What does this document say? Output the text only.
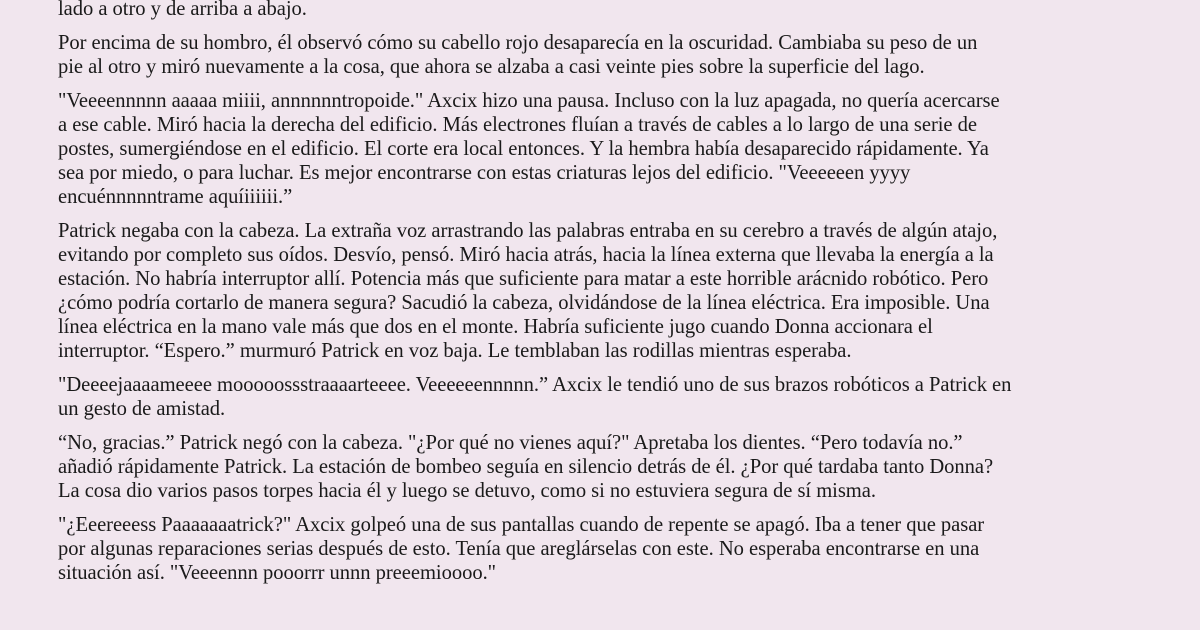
lado a otro y de arriba a abajo.

Por encima de su hombro, él observó cómo su cabello rojo desaparecía en la oscuridad. Cambiaba su peso de un
pie al otro y miró nuevamente a la cosa, que ahora se alzaba a casi veinte pies sobre la superficie del lago.

"Veeeennnnn aaaaa miiii, annnnnntropoide." Axcix hizo una pausa. Incluso con la luz apagada, no quería acercarse
a ese cable. Miró hacia la derecha del edificio. Más electrones fluían a través de cables a lo largo de una serie de
postes, sumergiéndose en el edificio. El corte era local entonces. Y la hembra había desaparecido rápidamente. Ya
sea por miedo, o para luchar. Es mejor encontrarse con estas criaturas lejos del edificio. "Veeeeeen yyyy
encuénnnnntrame aquíiiiiii.”

Patrick negaba con la cabeza. La extraña voz arrastrando las palabras entraba en su cerebro a través de algún atajo,
evitando por completo sus oídos. Desvío, pensó. Miró hacia atrás, hacia la línea externa que llevaba la energía a la
estación. No habría interruptor allí. Potencia más que suficiente para matar a este horrible arácnido robótico. Pero
¿cómo podría cortarlo de manera segura? Sacudió la cabeza, olvidándose de la línea eléctrica. Era imposible. Una
línea eléctrica en la mano vale más que dos en el monte. Habría suficiente jugo cuando Donna accionara el
interruptor. “Espero.” murmuró Patrick en voz baja. Le temblaban las rodillas mientras esperaba.

"Deeeejaaaameeee mooooossstraaaarteeee. Veeeeeennnnn.” Axcix le tendió uno de sus brazos robóticos a Patrick en
un gesto de amistad.

“No, gracias.” Patrick negó con la cabeza. "¿Por qué no vienes aquí?" Apretaba los dientes. “Pero todavía no.”
añadió rápidamente Patrick. La estación de bombeo seguía en silencio detrás de él. ¿Por qué tardaba tanto Donna?
La cosa dio varios pasos torpes hacia él y luego se detuvo, como si no estuviera segura de sí misma.

"¿Eeereeess Paaaaaaatrick?" Axcix golpeó una de sus pantallas cuando de repente se apagó. Iba a tener que pasar
por algunas reparaciones serias después de esto. Tenía que areglárselas con este. No esperaba encontrarse en una
situación así. "Veeeennn pooorrr unnn preeemioooo."
